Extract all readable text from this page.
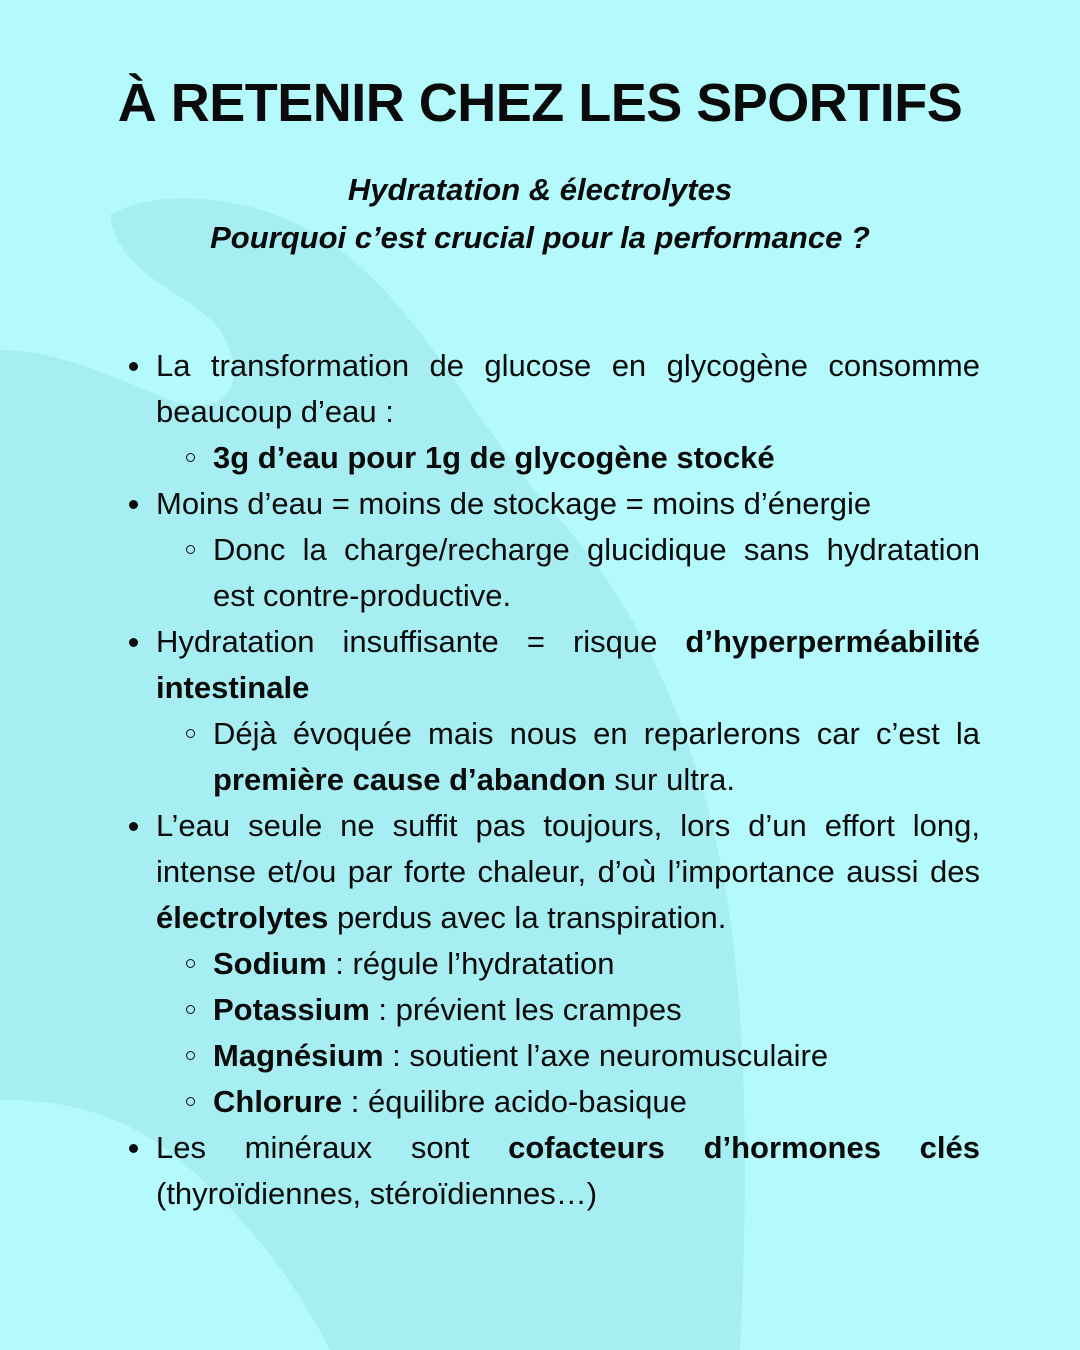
À RETENIR CHEZ LES SPORTIFS
Hydratation & électrolytes
Pourquoi c’est crucial pour la performance ?
La transformation de glucose en glycogène consomme beaucoup d’eau :
3g d’eau pour 1g de glycogène stocké
Moins d’eau = moins de stockage = moins d’énergie
Donc la charge/recharge glucidique sans hydratation est contre-productive.
Hydratation insuffisante = risque d’hyperperméabilité intestinale
Déjà évoquée mais nous en reparlerons car c’est la première cause d’abandon sur ultra.
L’eau seule ne suffit pas toujours, lors d’un effort long, intense et/ou par forte chaleur, d’où l’importance aussi des électrolytes perdus avec la transpiration.
Sodium : régule l’hydratation
Potassium : prévient les crampes
Magnésium : soutient l’axe neuromusculaire
Chlorure : équilibre acido-basique
Les minéraux sont cofacteurs d’hormones clés (thyroïdiennes, stéroïdiennes…)
